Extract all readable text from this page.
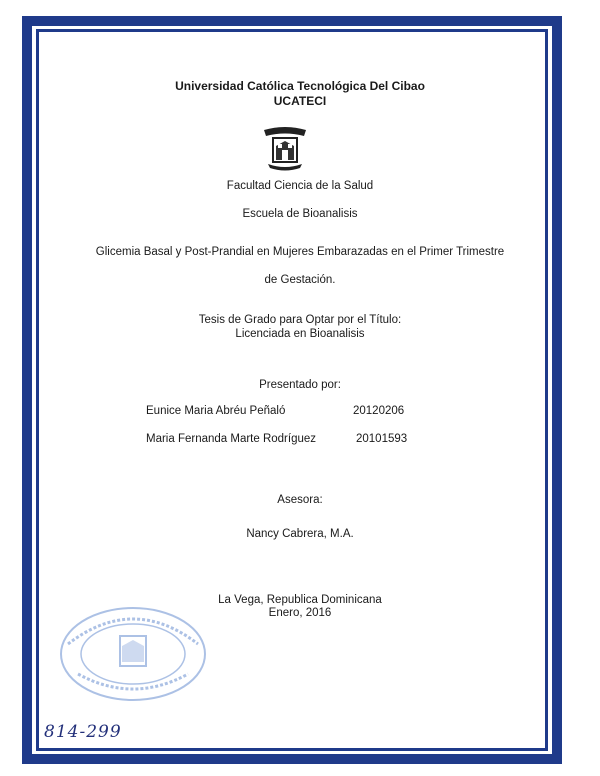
Universidad Católica Tecnológica Del Cibao
UCATECI
Facultad Ciencia de la Salud
Escuela de Bioanalisis
Glicemia Basal y Post-Prandial en Mujeres Embarazadas en el Primer Trimestre
de Gestación.
Tesis de Grado para Optar por el Título:
Licenciada en Bioanalisis
Presentado por:
Eunice Maria Abréu Peñaló	20120206
Maria Fernanda Marte Rodríguez	20101593
Asesora:
Nancy Cabrera, M.A.
La Vega, Republica Dominicana
Enero, 2016
814-299
